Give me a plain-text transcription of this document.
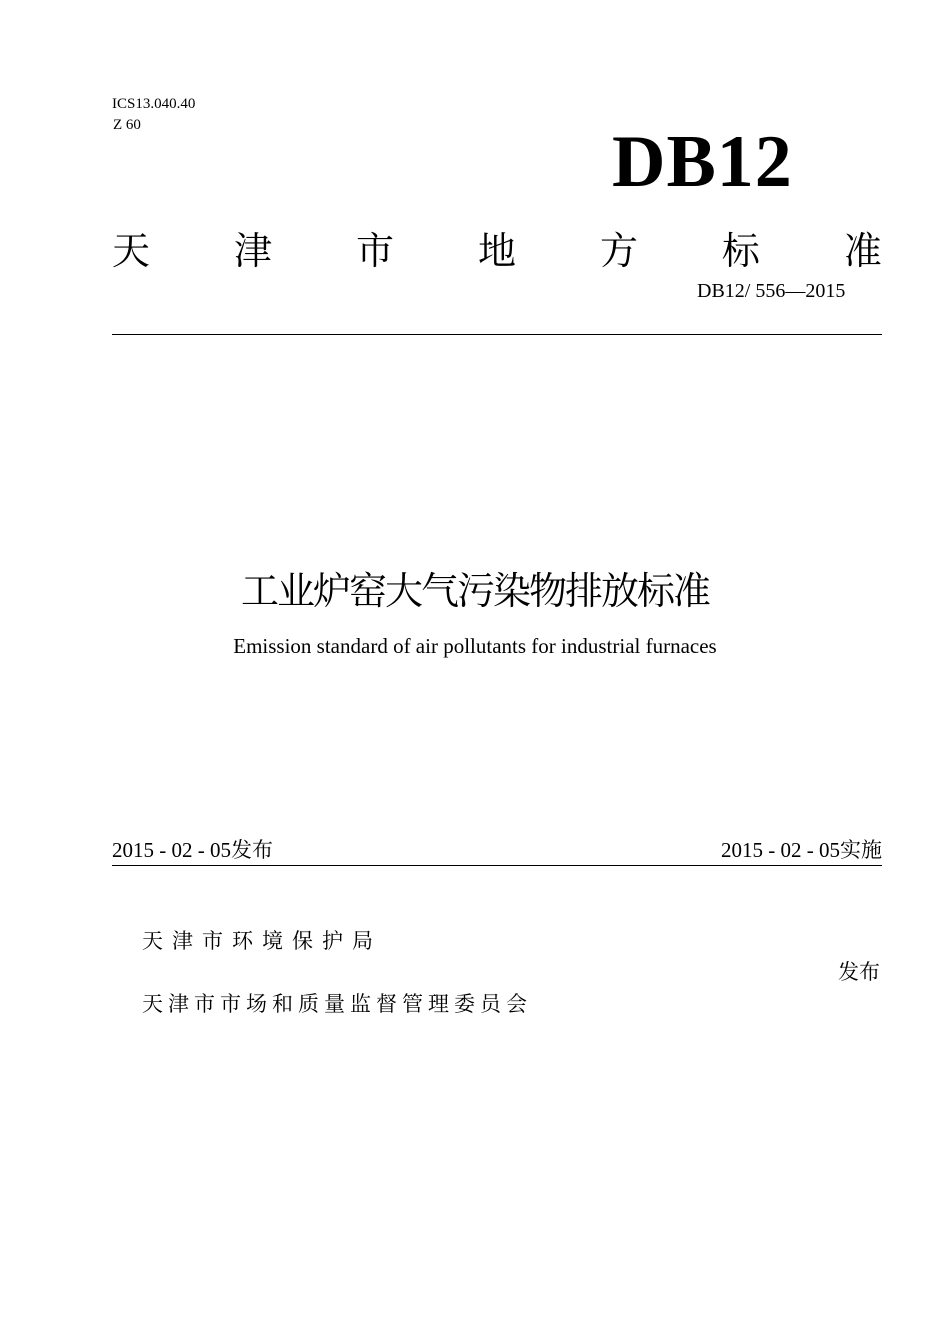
ICS13.040.40
Z 60	DB12
天 津 市 地 方 标 准
DB12/ 556—2015
工业炉窑大气污染物排放标准
Emission standard of air pollutants for industrial furnaces
2015 - 02 - 05发布	2015 - 02 - 05实施
天津市环境保护局
发布
天津市市场和质量监督管理委员会
